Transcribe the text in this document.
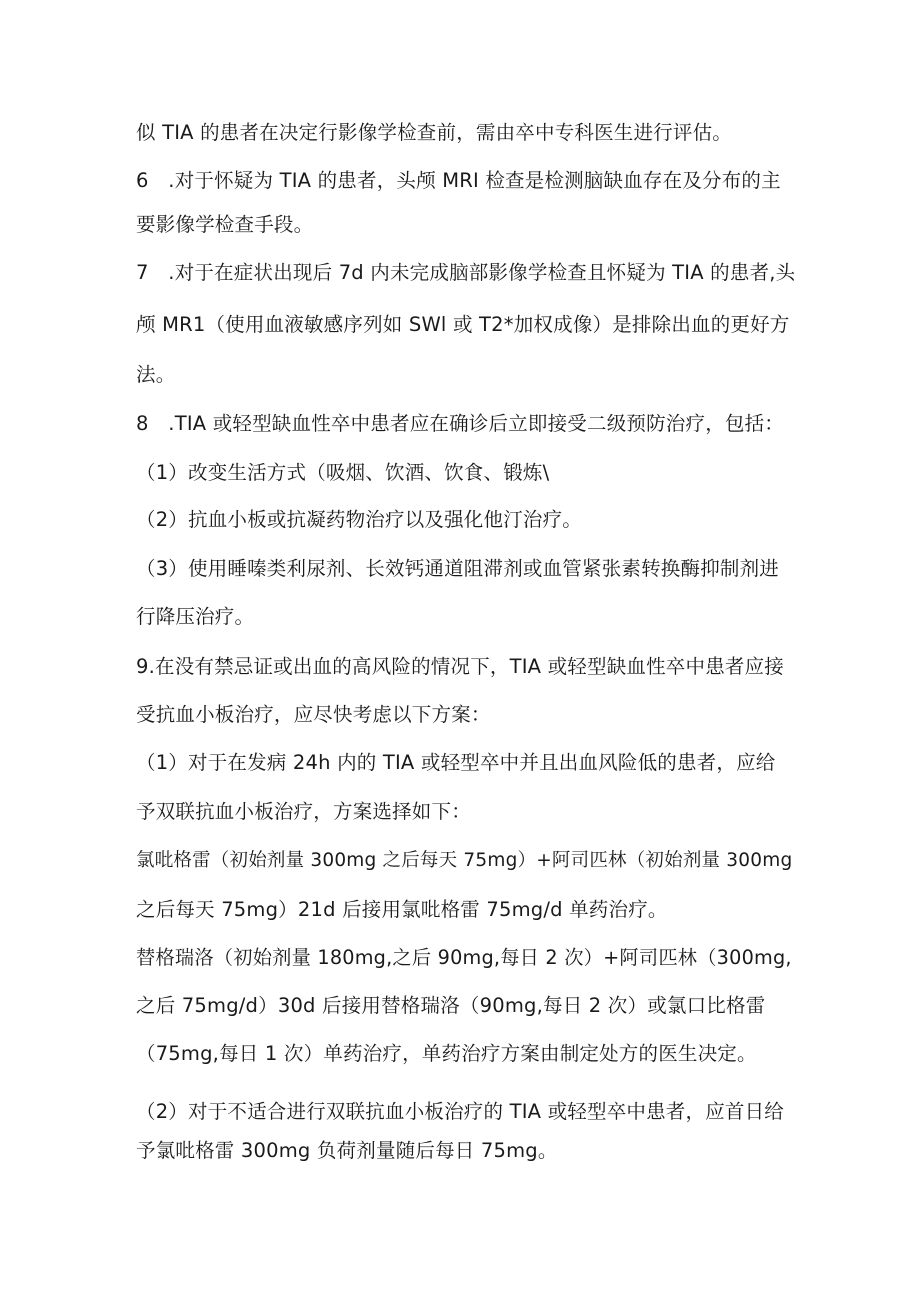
似 TIA 的患者在决定行影像学检查前，需由卒中专科医生进行评估。
6　.对于怀疑为 TIA 的患者，头颅 MRI 检查是检测脑缺血存在及分布的主
要影像学检查手段。
7　.对于在症状出现后 7d 内未完成脑部影像学检查且怀疑为 TIA 的患者,头
颅 MR1（使用血液敏感序列如 SWl 或 T2*加权成像）是排除出血的更好方
法。
8　.TIA 或轻型缺血性卒中患者应在确诊后立即接受二级预防治疗，包括：
（1）改变生活方式（吸烟、饮酒、饮食、锻炼\
（2）抗血小板或抗凝药物治疗以及强化他汀治疗。
（3）使用睡嗪类利尿剂、长效钙通道阻滞剂或血管紧张素转换酶抑制剂进
行降压治疗。
9.在没有禁忌证或出血的高风险的情况下，TIA 或轻型缺血性卒中患者应接
受抗血小板治疗，应尽快考虑以下方案：
（1）对于在发病 24h 内的 TIA 或轻型卒中并且出血风险低的患者，应给
予双联抗血小板治疗，方案选择如下：
氯吡格雷（初始剂量 300mg 之后每天 75mg）+阿司匹林（初始剂量 300mg
之后每天 75mg）21d 后接用氯吡格雷 75mg/d 单药治疗。
替格瑞洛（初始剂量 180mg,之后 90mg,每日 2 次）+阿司匹林（300mg,
之后 75mg/d）30d 后接用替格瑞洛（90mg,每日 2 次）或氯口比格雷
（75mg,每日 1 次）单药治疗，单药治疗方案由制定处方的医生决定。
（2）对于不适合进行双联抗血小板治疗的 TIA 或轻型卒中患者，应首日给
予氯吡格雷 300mg 负荷剂量随后每日 75mg。
